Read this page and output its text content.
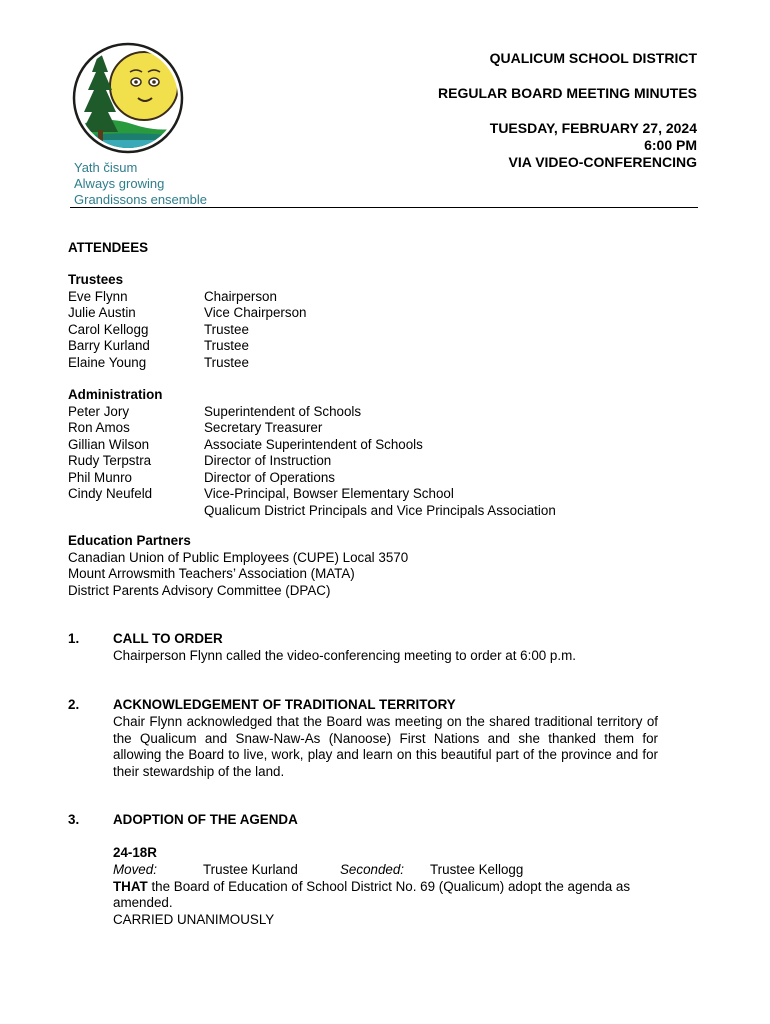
Yath čisum
Always growing
Grandissons ensemble
QUALICUM SCHOOL DISTRICT
REGULAR BOARD MEETING MINUTES
TUESDAY, FEBRUARY 27, 2024
6:00 PM
VIA VIDEO-CONFERENCING
ATTENDEES
Trustees
Eve Flynn	Chairperson
Julie Austin	Vice Chairperson
Carol Kellogg	Trustee
Barry Kurland	Trustee
Elaine Young	Trustee
Administration
Peter Jory	Superintendent of Schools
Ron Amos	Secretary Treasurer
Gillian Wilson	Associate Superintendent of Schools
Rudy Terpstra	Director of Instruction
Phil Munro	Director of Operations
Cindy Neufeld	Vice-Principal, Bowser Elementary School
Qualicum District Principals and Vice Principals Association
Education Partners
Canadian Union of Public Employees (CUPE) Local 3570
Mount Arrowsmith Teachers’ Association (MATA)
District Parents Advisory Committee (DPAC)
1.	CALL TO ORDER
Chairperson Flynn called the video-conferencing meeting to order at 6:00 p.m.
2.	ACKNOWLEDGEMENT OF TRADITIONAL TERRITORY
Chair Flynn acknowledged that the Board was meeting on the shared traditional territory of the Qualicum and Snaw-Naw-As (Nanoose) First Nations and she thanked them for allowing the Board to live, work, play and learn on this beautiful part of the province and for their stewardship of the land.
3.	ADOPTION OF THE AGENDA
24-18R
Moved:	Trustee Kurland	Seconded: Trustee Kellogg
THAT the Board of Education of School District No. 69 (Qualicum) adopt the agenda as amended.
CARRIED UNANIMOUSLY
